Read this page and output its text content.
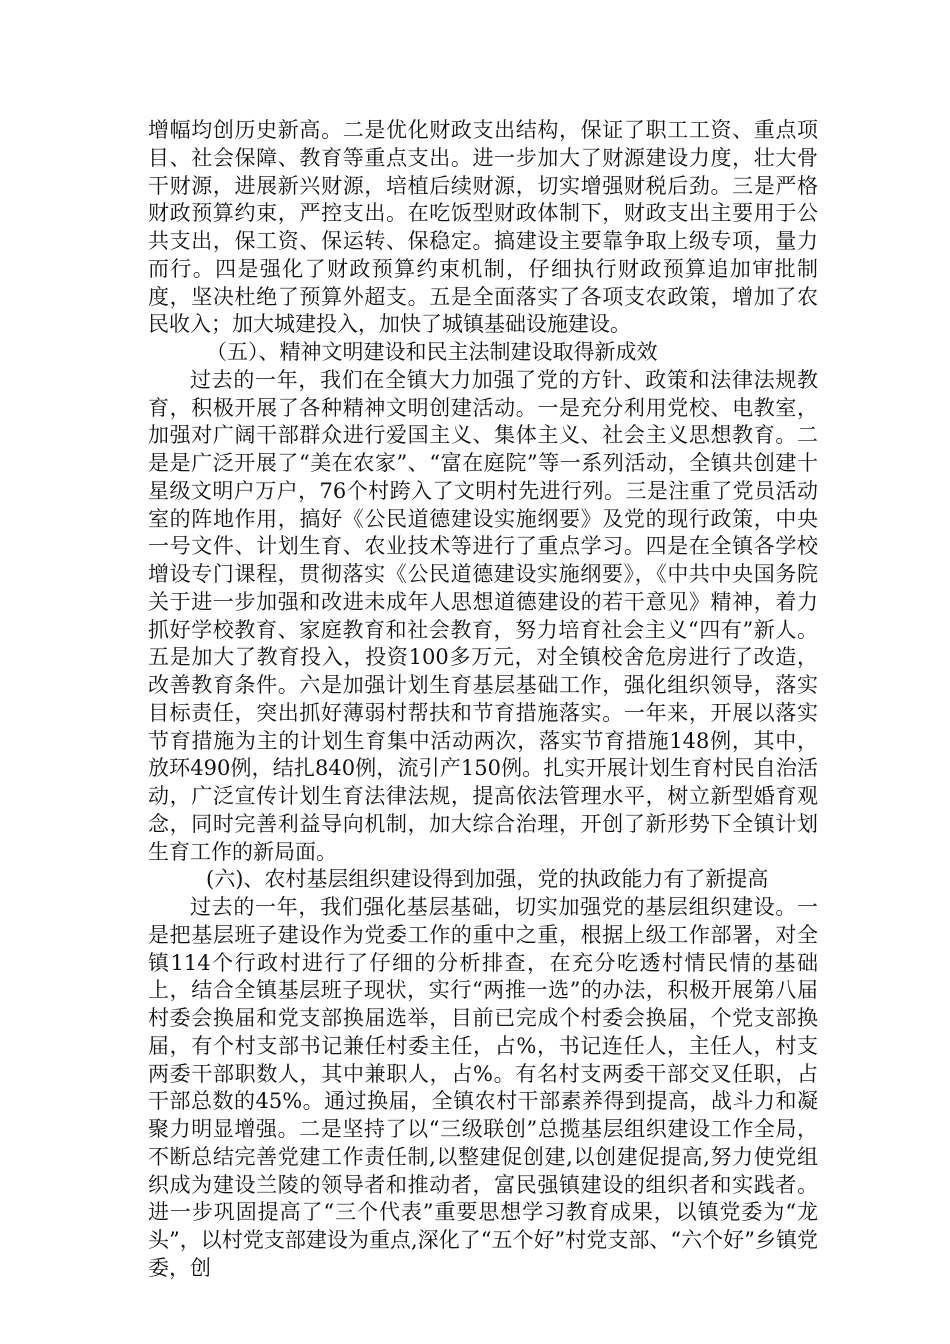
增幅均创历史新高。二是优化财政支出结构，保证了职工工资、重点项目、社会保障、教育等重点支出。进一步加大了财源建设力度，壮大骨干财源，进展新兴财源，培植后续财源，切实增强财税后劲。三是严格财政预算约束，严控支出。在吃饭型财政体制下，财政支出主要用于公共支出，保工资、保运转、保稳定。搞建设主要靠争取上级专项，量力而行。四是强化了财政预算约束机制，仔细执行财政预算追加审批制度，坚决杜绝了预算外超支。五是全面落实了各项支农政策，增加了农民收入；加大城建投入，加快了城镇基础设施建设。

（五）、精神文明建设和民主法制建设取得新成效

过去的一年，我们在全镇大力加强了党的方针、政策和法律法规教育，积极开展了各种精神文明创建活动。一是充分利用党校、电教室，加强对广阔干部群众进行爱国主义、集体主义、社会主义思想教育。二是是广泛开展了“美在农家”、“富在庭院”等一系列活动，全镇共创建十星级文明户万户，76个村跨入了文明村先进行列。三是注重了党员活动室的阵地作用，搞好《公民道德建设实施纲要》及党的现行政策，中央一号文件、计划生育、农业技术等进行了重点学习。四是在全镇各学校增设专门课程，贯彻落实《公民道德建设实施纲要》，《中共中央国务院关于进一步加强和改进未成年人思想道德建设的若干意见》精神，着力抓好学校教育、家庭教育和社会教育，努力培育社会主义“四有”新人。五是加大了教育投入，投资100多万元，对全镇校舍危房进行了改造，改善教育条件。六是加强计划生育基层基础工作，强化组织领导，落实目标责任，突出抓好薄弱村帮扶和节育措施落实。一年来，开展以落实节育措施为主的计划生育集中活动两次，落实节育措施148例，其中，放环490例，结扎840例，流引产150例。扎实开展计划生育村民自治活动，广泛宣传计划生育法律法规，提高依法管理水平，树立新型婚育观念，同时完善利益导向机制，加大综合治理，开创了新形势下全镇计划生育工作的新局面。

(六)、农村基层组织建设得到加强，党的执政能力有了新提高

过去的一年，我们强化基层基础，切实加强党的基层组织建设。一是把基层班子建设作为党委工作的重中之重，根据上级工作部署，对全镇114个行政村进行了仔细的分析排查，在充分吃透村情民情的基础上，结合全镇基层班子现状，实行“两推一选”的办法，积极开展第八届村委会换届和党支部换届选举，目前已完成个村委会换届，个党支部换届，有个村支部书记兼任村委主任，占%，书记连任人，主任人，村支两委干部职数人，其中兼职人，占%。有名村支两委干部交叉任职，占干部总数的45%。通过换届，全镇农村干部素养得到提高，战斗力和凝聚力明显增强。二是坚持了以“三级联创”总揽基层组织建设工作全局，不断总结完善党建工作责任制,以整建促创建,以创建促提高,努力使党组织成为建设兰陵的领导者和推动者，富民强镇建设的组织者和实践者。进一步巩固提高了“三个代表”重要思想学习教育成果，以镇党委为“龙头”，以村党支部建设为重点,深化了“五个好”村党支部、“六个好”乡镇党委，创
